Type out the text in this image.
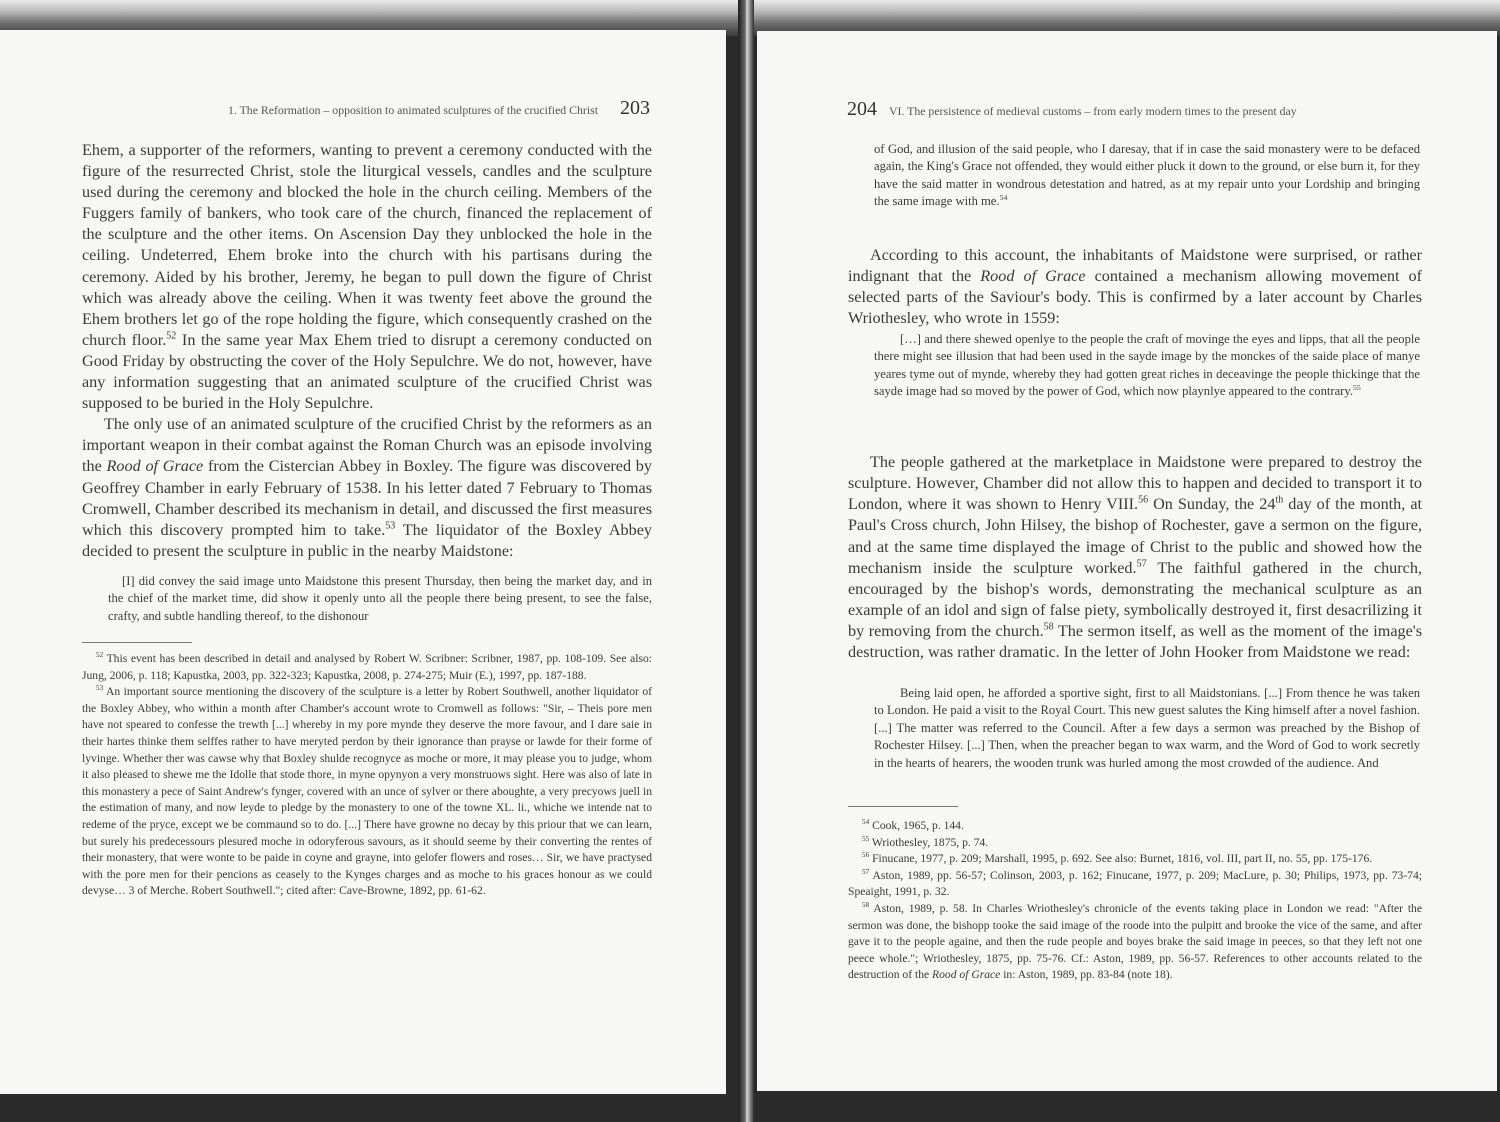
1. The Reformation – opposition to animated sculptures of the crucified Christ 203

Ehem, a supporter of the reformers, wanting to prevent a ceremony conducted with the figure of the resurrected Christ, stole the liturgical vessels, candles and the sculpture used during the ceremony and blocked the hole in the church ceiling. Members of the Fuggers family of bankers, who took care of the church, financed the replacement of the sculpture and the other items. On Ascension Day they unblocked the hole in the ceiling. Undeterred, Ehem broke into the church with his partisans during the ceremony. Aided by his brother, Jeremy, he began to pull down the figure of Christ which was already above the ceiling. When it was twenty feet above the ground the Ehem brothers let go of the rope holding the figure, which consequently crashed on the church floor.$^{52}$ In the same year Max Ehem tried to disrupt a ceremony conducted on Good Friday by obstructing the cover of the Holy Sepulchre. We do not, however, have any information suggesting that an animated sculpture of the crucified Christ was supposed to be buried in the Holy Sepulchre.

The only use of an animated sculpture of the crucified Christ by the reformers as an important weapon in their combat against the Roman Church was an episode involving the Rood of Grace from the Cistercian Abbey in Boxley. The figure was discovered by Geoffrey Chamber in early February of 1538. In his letter dated 7 February to Thomas Cromwell, Chamber described its mechanism in detail, and discussed the first measures which this discovery prompted him to take.$^{53}$ The liquidator of the Boxley Abbey decided to present the sculpture in public in the nearby Maidstone:

[I] did convey the said image unto Maidstone this present Thursday, then being the market day, and in the chief of the market time, did show it openly unto all the people there being present, to see the false, crafty, and subtle handling thereof, to the dishonour

$^{52}$ This event has been described in detail and analysed by Robert W. Scribner: Scribner, 1987, pp. 108-109. See also: Jung, 2006, p. 118; Kapustka, 2003, pp. 322-323; Kapustka, 2008, p. 274-275; Muir (E.), 1997, pp. 187-188.

$^{53}$ An important source mentioning the discovery of the sculpture is a letter by Robert Southwell, another liquidator of the Boxley Abbey, who within a month after Chamber's account wrote to Cromwell as follows: "Sir, – Theis pore men have not speared to confesse the trewth [...] whereby in my pore mynde they deserve the more favour, and I dare saie in their hartes thinke them selffes rather to have meryted perdon by their ignorance than prayse or lawde for their forme of lyvinge. Whether ther was cawse why that Boxley shulde recognyce as moche or more, it may please you to judge, whom it also pleased to shewe me the Idolle that stode thore, in myne opynyon a very monstruows sight. Here was also of late in this monastery a pece of Saint Andrew's fynger, covered with an unce of sylver or there aboughte, a very precyows juell in the estimation of many, and now leyde to pledge by the monastery to one of the towne XL. li., whiche we intende nat to redeme of the pryce, except we be commaund so to do. [...] There have growne no decay by this priour that we can learn, but surely his predecessours plesured moche in odoryferous savours, as it should seeme by their converting the rentes of their monastery, that were wonte to be paide in coyne and grayne, into gelofer flowers and roses… Sir, we have practysed with the pore men for their pencions as ceasely to the Kynges charges and as moche to his graces honour as we could devyse… 3 of Merche. Robert Southwell."; cited after: Cave-Browne, 1892, pp. 61-62.

204 VI. The persistence of medieval customs – from early modern times to the present day

of God, and illusion of the said people, who I daresay, that if in case the said monastery were to be defaced again, the King's Grace not offended, they would either pluck it down to the ground, or else burn it, for they have the said matter in wondrous detestation and hatred, as at my repair unto your Lordship and bringing the same image with me.$^{54}$

According to this account, the inhabitants of Maidstone were surprised, or rather indignant that the Rood of Grace contained a mechanism allowing movement of selected parts of the Saviour's body. This is confirmed by a later account by Charles Wriothesley, who wrote in 1559:

[…] and there shewed openlye to the people the craft of movinge the eyes and lipps, that all the people there might see illusion that had been used in the sayde image by the monckes of the saide place of manye yeares tyme out of mynde, whereby they had gotten great riches in deceavinge the people thickinge that the sayde image had so moved by the power of God, which now playnlye appeared to the contrary.$^{55}$

The people gathered at the marketplace in Maidstone were prepared to destroy the sculpture. However, Chamber did not allow this to happen and decided to transport it to London, where it was shown to Henry VIII.$^{56}$ On Sunday, the 24th day of the month, at Paul's Cross church, John Hilsey, the bishop of Rochester, gave a sermon on the figure, and at the same time displayed the image of Christ to the public and showed how the mechanism inside the sculpture worked.$^{57}$ The faithful gathered in the church, encouraged by the bishop's words, demonstrating the mechanical sculpture as an example of an idol and sign of false piety, symbolically destroyed it, first desacrilizing it by removing from the church.$^{58}$ The sermon itself, as well as the moment of the image's destruction, was rather dramatic. In the letter of John Hooker from Maidstone we read:

Being laid open, he afforded a sportive sight, first to all Maidstonians. [...] From thence he was taken to London. He paid a visit to the Royal Court. This new guest salutes the King himself after a novel fashion. [...] The matter was referred to the Council. After a few days a sermon was preached by the Bishop of Rochester Hilsey. [...] Then, when the preacher began to wax warm, and the Word of God to work secretly in the hearts of hearers, the wooden trunk was hurled among the most crowded of the audience. And

$^{54}$ Cook, 1965, p. 144.

$^{55}$ Wriothesley, 1875, p. 74.

$^{56}$ Finucane, 1977, p. 209; Marshall, 1995, p. 692. See also: Burnet, 1816, vol. III, part II, no. 55, pp. 175-176.

$^{57}$ Aston, 1989, pp. 56-57; Colinson, 2003, p. 162; Finucane, 1977, p. 209; MacLure, p. 30; Philips, 1973, pp. 73-74; Speaight, 1991, p. 32.

$^{58}$ Aston, 1989, p. 58. In Charles Wriothesley's chronicle of the events taking place in London we read: "After the sermon was done, the bishopp tooke the said image of the roode into the pulpitt and brooke the vice of the same, and after gave it to the people againe, and then the rude people and boyes brake the said image in peeces, so that they left not one peece whole."; Wriothesley, 1875, pp. 75-76. Cf.: Aston, 1989, pp. 56-57. References to other accounts related to the destruction of the Rood of Grace in: Aston, 1989, pp. 83-84 (note 18).
